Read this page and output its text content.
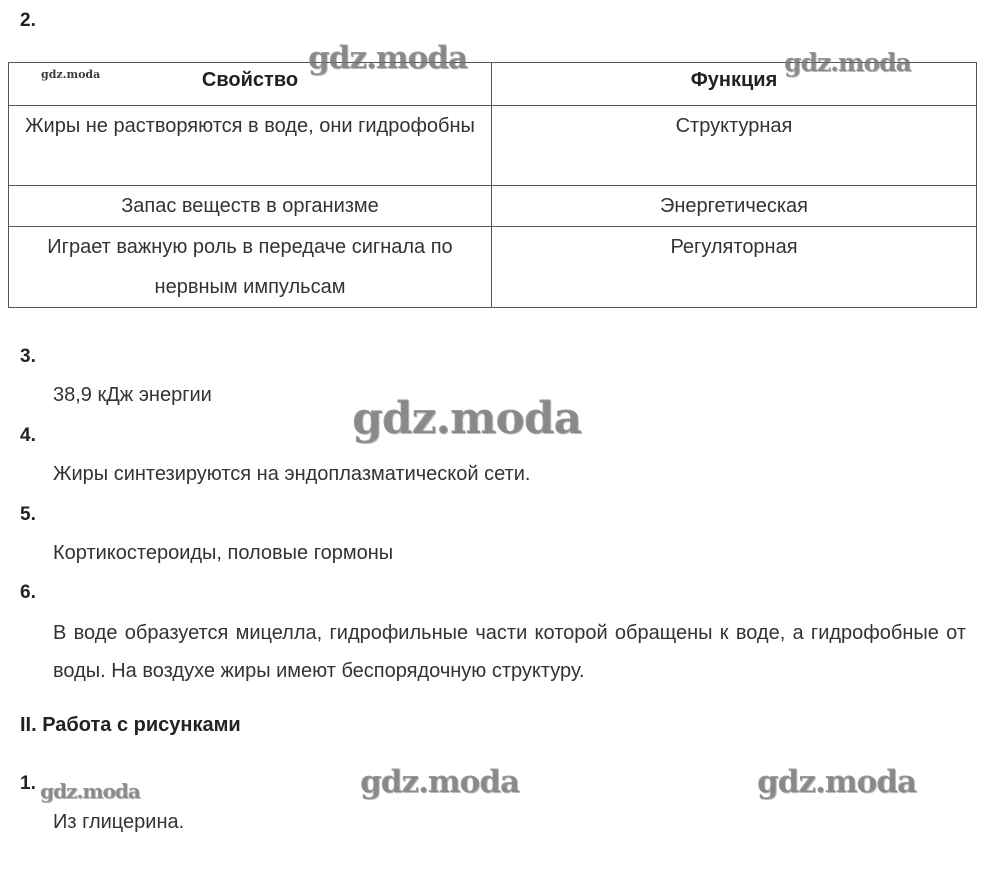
2.
Свойство	Функция
Жиры не растворяются в воде, они гидрофобны	Структурная
Запас веществ в организме	Энергетическая
Играет важную роль в передаче сигнала по нервным импульсам	Регуляторная
3.
38,9 кДж энергии
4.
Жиры синтезируются на эндоплазматической сети.
5.
Кортикостероиды, половые гормоны
6.
В воде образуется мицелла, гидрофильные части которой обращены к воде, а гидрофобные от воды. На воздухе жиры имеют беспорядочную структуру.
II. Работа с рисунками
1.
Из глицерина.
gdz.moda	gdz.moda	gdz.moda
gdz.moda
gdz.moda	gdz.moda	gdz.moda
